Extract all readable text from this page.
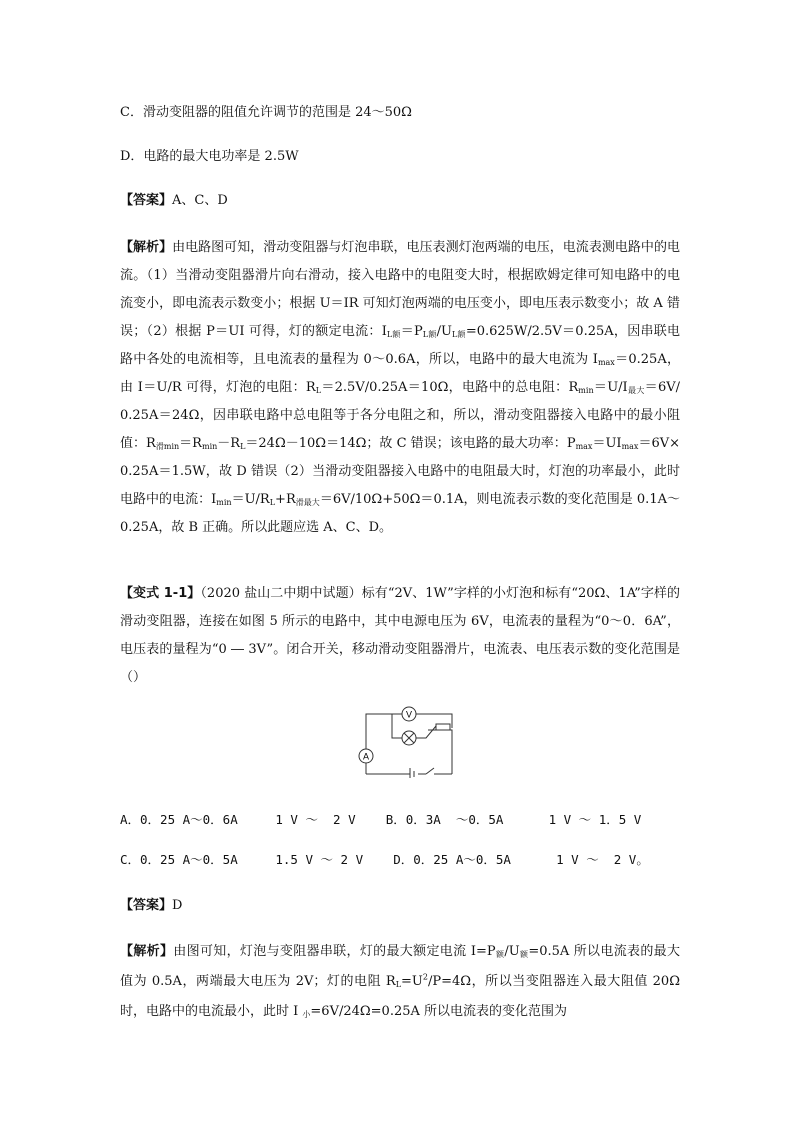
C．滑动变阻器的阻值允许调节的范围是 24～50Ω
D．电路的最大电功率是 2.5W
【答案】A、C、D
【解析】由电路图可知，滑动变阻器与灯泡串联，电压表测灯泡两端的电压，电流表测电路中的电流。（1）当滑动变阻器滑片向右滑动，接入电路中的电阻变大时，根据欧姆定律可知电路中的电流变小，即电流表示数变小；根据 U＝IR 可知灯泡两端的电压变小，即电压表示数变小；故 A 错误；（2）根据 P＝UI 可得，灯的额定电流：$I_{L额}=P_{L额}/U_{L额}=0.625W/2.5V=0.25A$，因串联电路中各处的电流相等，且电流表的量程为 0～0.6A，所以，电路中的最大电流为 $I_{max}=0.25A$，由 I＝U/R 可得，灯泡的电阻：$R_L=2.5V/0.25A=10\Omega$，电路中的总电阻：$R_{min}=U/I_{最大}=6V/0.25A=24\Omega$，因串联电路中总电阻等于各分电阻之和，所以，滑动变阻器接入电路中的最小阻值：$R_{滑min}=R_{min}-R_L=24\Omega-10\Omega=14\Omega$；故 C 错误；该电路的最大功率：$P_{max}=UI_{max}=6V\times 0.25A=1.5W$，故 D 错误（2）当滑动变阻器接入电路中的电阻最大时，灯泡的功率最小，此时电路中的电流：$I_{min}=U/R_L+R_{滑最大}=6V/10\Omega+50\Omega=0.1A$，则电流表示数的变化范围是 0.1A～0.25A，故 B 正确。所以此题应选 A、C、D。
【变式 1-1】（2020 盐山二中期中试题）标有“2V、1W”字样的小灯泡和标有“20Ω、1A”字样的滑动变阻器，连接在如图 5 所示的电路中，其中电源电压为 6V，电流表的量程为“0～0．6A”，电压表的量程为“0 ― 3V”。闭合开关，移动滑动变阻器滑片，电流表、电压表示数的变化范围是（）
V
A
A．0．25 A～0．6A     1 V ～  2 V    B．0．3A  ～0．5A      1 V ～ 1．5 V
C．0．25 A～0．5A     1.5 V ～ 2 V    D．0．25 A～0．5A      1 V ～  2 V。
【答案】D
【解析】由图可知，灯泡与变阻器串联，灯的最大额定电流 $I=P_额/U_额=0.5A$ 所以电流表的最大值为 0.5A，两端最大电压为 2V；灯的电阻 $R_L=U^2/P=4\Omega$，所以当变阻器连入最大阻值 20Ω 时，电路中的电流最小，此时 I $_小$=6V/24Ω=0.25A 所以电流表的变化范围为
